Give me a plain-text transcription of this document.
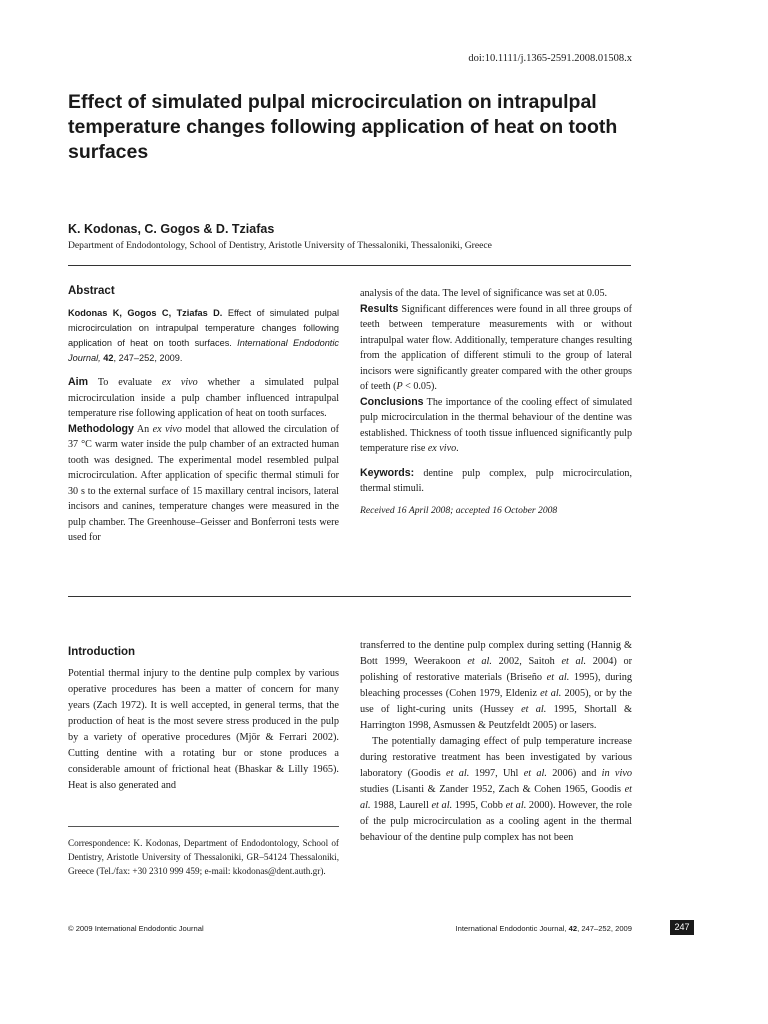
doi:10.1111/j.1365-2591.2008.01508.x
Effect of simulated pulpal microcirculation on intrapulpal temperature changes following application of heat on tooth surfaces
K. Kodonas, C. Gogos & D. Tziafas
Department of Endodontology, School of Dentistry, Aristotle University of Thessaloniki, Thessaloniki, Greece

Abstract

Kodonas K, Gogos C, Tziafas D. Effect of simulated pulpal microcirculation on intrapulpal temperature changes following application of heat on tooth surfaces. International Endodontic Journal, 42, 247–252, 2009.

Aim To evaluate ex vivo whether a simulated pulpal microcirculation inside a pulp chamber influenced intrapulpal temperature rise following application of heat on tooth surfaces.

Methodology An ex vivo model that allowed the circulation of 37 °C warm water inside the pulp chamber of an extracted human tooth was designed. The experimental model resembled pulpal microcirculation. After application of specific thermal stimuli for 30 s to the external surface of 15 maxillary central incisors, lateral incisors and canines, temperature changes were measured in the pulp chamber. The Greenhouse–Geisser and Bonferroni tests were used for

analysis of the data. The level of significance was set at 0.05.

Results Significant differences were found in all three groups of teeth between temperature measurements with or without intrapulpal water flow. Additionally, temperature changes resulting from the application of different stimuli to the group of lateral incisors were significantly greater compared with the other groups of teeth (P < 0.05).

Conclusions The importance of the cooling effect of simulated pulp microcirculation in the thermal behaviour of the dentine was established. Thickness of tooth tissue influenced significantly pulp temperature rise ex vivo.

Keywords: dentine pulp complex, pulp microcirculation, thermal stimuli.

Received 16 April 2008; accepted 16 October 2008

Introduction

Potential thermal injury to the dentine pulp complex by various operative procedures has been a matter of concern for many years (Zach 1972). It is well accepted, in general terms, that the production of heat is the most severe stress produced in the pulp by a variety of operative procedures (Mjör & Ferrari 2002). Cutting dentine with a rotating bur or stone produces a considerable amount of frictional heat (Bhaskar & Lilly 1965). Heat is also generated and

transferred to the dentine pulp complex during setting (Hannig & Bott 1999, Weerakoon et al. 2002, Saitoh et al. 2004) or polishing of restorative materials (Briseño et al. 1995), during bleaching processes (Cohen 1979, Eldeniz et al. 2005), or by the use of light-curing units (Hussey et al. 1995, Shortall & Harrington 1998, Asmussen & Peutzfeldt 2005) or lasers.

The potentially damaging effect of pulp temperature increase during restorative treatment has been investigated by various laboratory (Goodis et al. 1997, Uhl et al. 2006) and in vivo studies (Lisanti & Zander 1952, Zach & Cohen 1965, Goodis et al. 1988, Laurell et al. 1995, Cobb et al. 2000). However, the role of the pulp microcirculation as a cooling agent in the thermal behaviour of the dentine pulp complex has not been

Correspondence: K. Kodonas, Department of Endodontology, School of Dentistry, Aristotle University of Thessaloniki, GR–54124 Thessaloniki, Greece (Tel./fax: +30 2310 999 459; e-mail: kkodonas@dent.auth.gr).
© 2009 International Endodontic Journal	International Endodontic Journal, 42, 247–252, 2009	247
